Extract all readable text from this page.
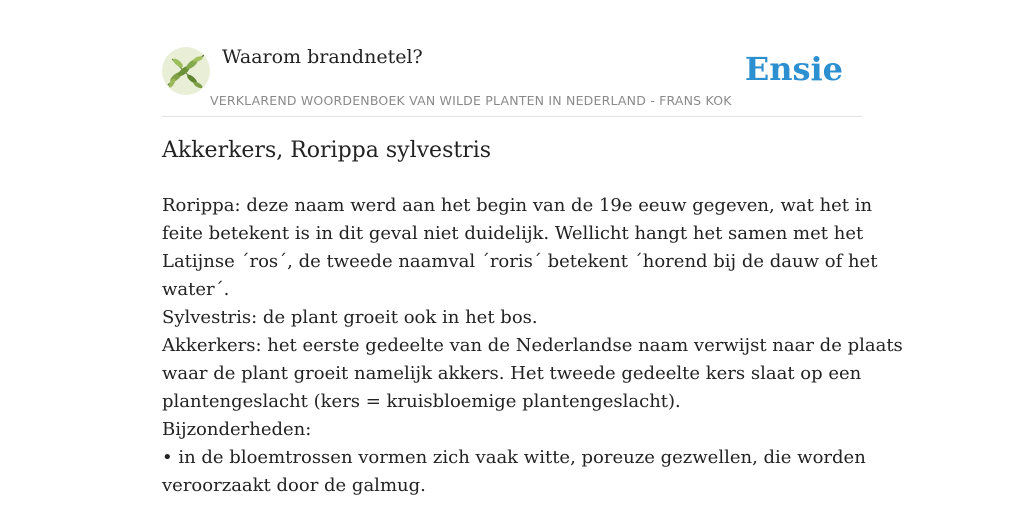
Waarom brandnetel?
VERKLAREND WOORDENBOEK VAN WILDE PLANTEN IN NEDERLAND - FRANS KOK
Ensie
Akkerkers, Rorippa sylvestris
Rorippa: deze naam werd aan het begin van de 19e eeuw gegeven, wat het in
feite betekent is in dit geval niet duidelijk. Wellicht hangt het samen met het
Latijnse ´ros´, de tweede naamval ´roris´ betekent ´horend bij de dauw of het
water´.
Sylvestris: de plant groeit ook in het bos.
Akkerkers: het eerste gedeelte van de Nederlandse naam verwijst naar de plaats
waar de plant groeit namelijk akkers. Het tweede gedeelte kers slaat op een
plantengeslacht (kers = kruisbloemige plantengeslacht).
Bijzonderheden:
• in de bloemtrossen vormen zich vaak witte, poreuze gezwellen, die worden
veroorzaakt door de galmug.
